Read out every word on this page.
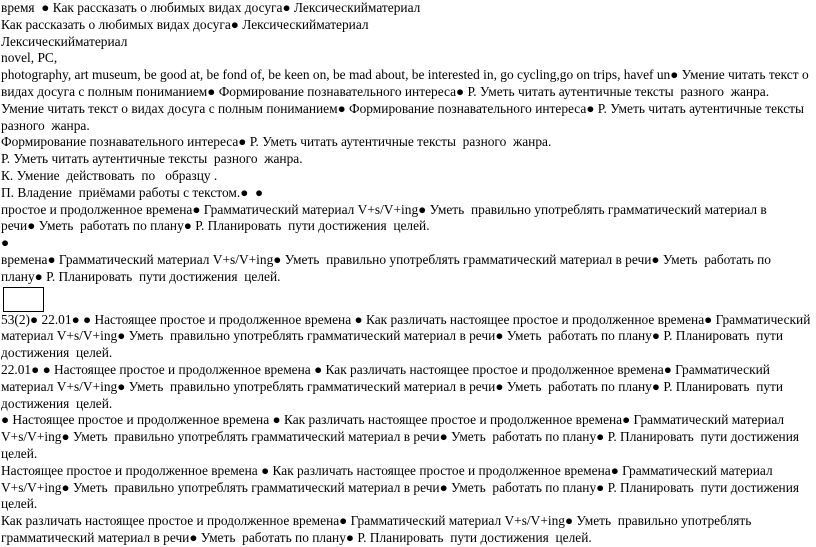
время  ● Как рассказать о любимых видах досуга● Лексическийматериал

Как рассказать о любимых видах досуга● Лексическийматериал

Лексическийматериал

novel, PC,

photography, art museum, be good at, be fond of, be keen on, be mad about, be interested in, go cycling,go on trips, havef un● Умение читать текст о

видах досуга с полным пониманием● Формирование познавательного интереса● Р. Уметь читать аутентичные тексты  разного  жанра.

Умение читать текст о видах досуга с полным пониманием● Формирование познавательного интереса● Р. Уметь читать аутентичные тексты

разного  жанра.

Формирование познавательного интереса● Р. Уметь читать аутентичные тексты  разного  жанра.

Р. Уметь читать аутентичные тексты  разного  жанра.

К. Умение  действовать  по   образцу .

П. Владение  приёмами работы с текстом.●  ●

простое и продолженное времена● Грамматический материал V+s/V+ing● Уметь  правильно употреблять грамматический материал в

речи● Уметь  работать по плану● Р. Планировать  пути достижения  целей.

●

времена● Грамматический материал V+s/V+ing● Уметь  правильно употреблять грамматический материал в речи● Уметь  работать по

плану● Р. Планировать  пути достижения  целей.

53(2)● 22.01● ● Настоящее простое и продолженное времена ● Как различать настоящее простое и продолженное времена● Грамматический

материал V+s/V+ing● Уметь  правильно употреблять грамматический материал в речи● Уметь  работать по плану● Р. Планировать  пути

достижения  целей.

22.01● ● Настоящее простое и продолженное времена ● Как различать настоящее простое и продолженное времена● Грамматический

материал V+s/V+ing● Уметь  правильно употреблять грамматический материал в речи● Уметь  работать по плану● Р. Планировать  пути

достижения  целей.

● Настоящее простое и продолженное времена ● Как различать настоящее простое и продолженное времена● Грамматический материал

V+s/V+ing● Уметь  правильно употреблять грамматический материал в речи● Уметь  работать по плану● Р. Планировать  пути достижения

целей.

Настоящее простое и продолженное времена ● Как различать настоящее простое и продолженное времена● Грамматический материал

V+s/V+ing● Уметь  правильно употреблять грамматический материал в речи● Уметь  работать по плану● Р. Планировать  пути достижения

целей.

Как различать настоящее простое и продолженное времена● Грамматический материал V+s/V+ing● Уметь  правильно употреблять

грамматический материал в речи● Уметь  работать по плану● Р. Планировать  пути достижения  целей.
